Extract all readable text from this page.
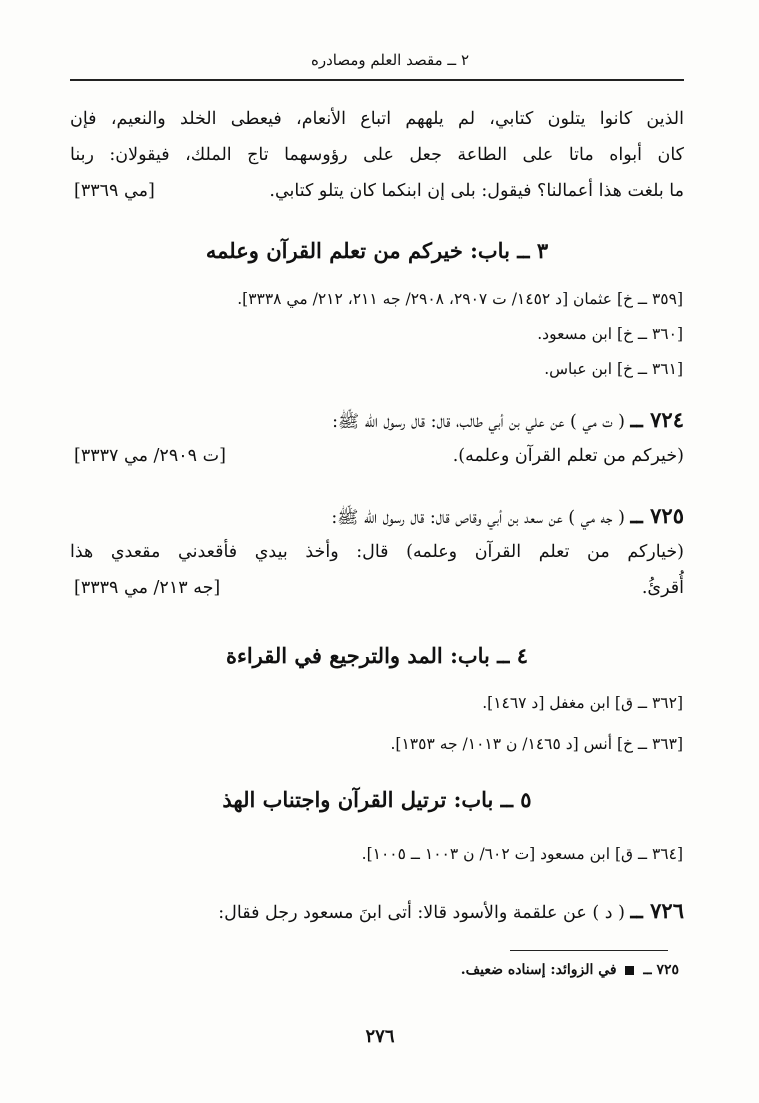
٢ ــ مقصد العلم ومصادره
الذين كانوا يتلون كتابي، لم يلههم اتباع الأنعام، فيعطى الخلد والنعيم، فإن
كان أبواه ماتا على الطاعة جعل على رؤوسهما تاج الملك، فيقولان: ربنا
ما بلغت هذا أعمالنا؟ فيقول: بلى إن ابنكما كان يتلو كتابي.
[مي ٣٣٦٩]
٣ ــ باب: خيركم من تعلم القرآن وعلمه
[٣٥٩ ــ خ] عثمان [د ١٤٥٢/ ت ٢٩٠٧، ٢٩٠٨/ جه ٢١١، ٢١٢/ مي ٣٣٣٨].
[٣٦٠ ــ خ] ابن مسعود.
[٣٦١ ــ خ] ابن عباس.
٧٢٤ ــ ( ت مي ) عن علي بن أبي طالب، قال: قال رسول الله ﷺ:
(خيركم من تعلم القرآن وعلمه).
[ت ٢٩٠٩/ مي ٣٣٣٧]
٧٢٥ ــ ( جه مي ) عن سعد بن أبي وقاص قال: قال رسول الله ﷺ:
(خياركم من تعلم القرآن وعلمه) قال: وأخذ بيدي فأقعدني مقعدي هذا
أُقرئُ.
[جه ٢١٣/ مي ٣٣٣٩]
٤ ــ باب: المد والترجيع في القراءة
[٣٦٢ ــ ق] ابن مغفل [د ١٤٦٧].
[٣٦٣ ــ خ] أنس [د ١٤٦٥/ ن ١٠١٣/ جه ١٣٥٣].
٥ ــ باب: ترتيل القرآن واجتناب الهذ
[٣٦٤ ــ ق] ابن مسعود [ت ٦٠٢/ ن ١٠٠٣ ــ ١٠٠٥].
٧٢٦ ــ ( د ) عن علقمة والأسود قالا: أتى ابنَ مسعود رجل فقال:
٧٢٥ ــ  في الزوائد: إسناده ضعيف.
٢٧٦
